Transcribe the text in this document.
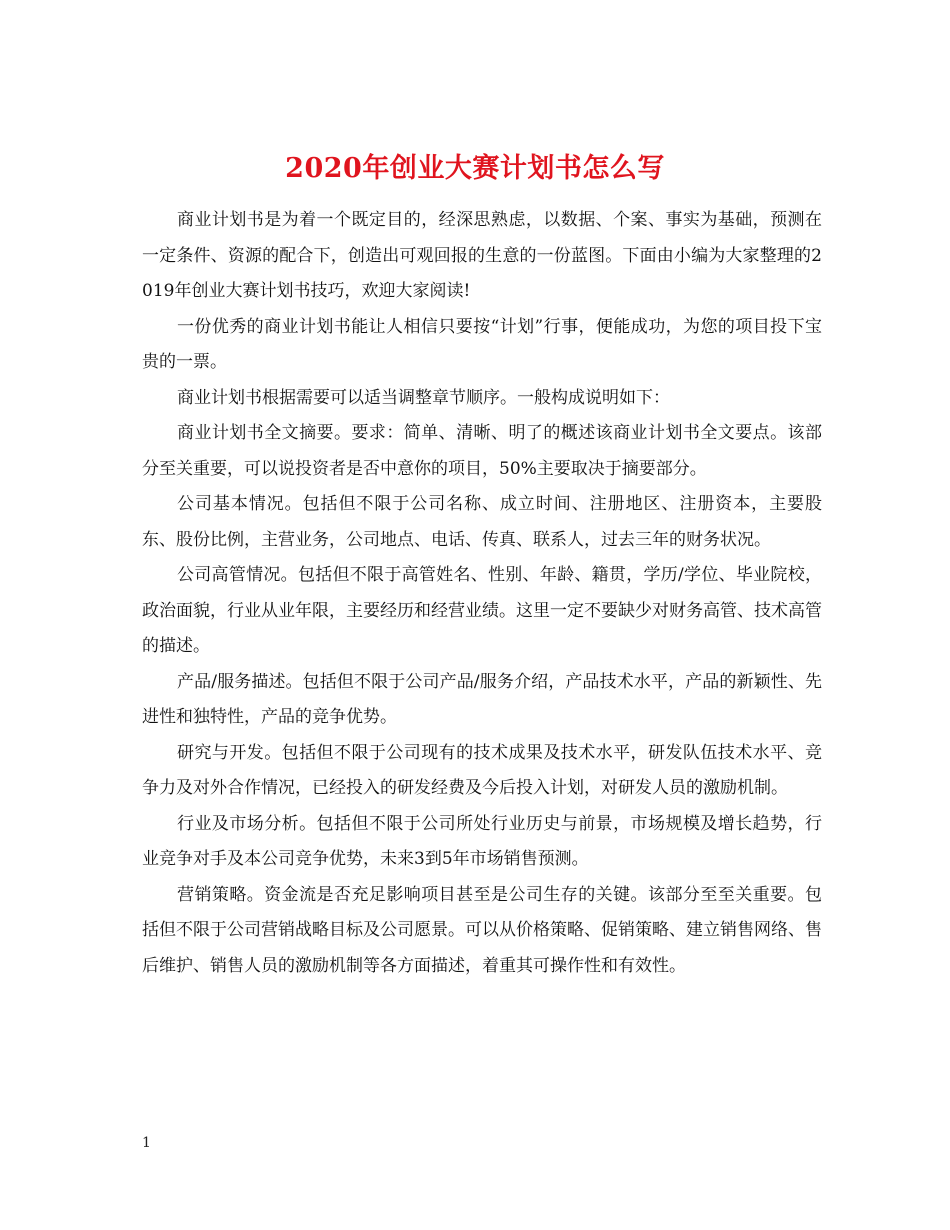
2020年创业大赛计划书怎么写

商业计划书是为着一个既定目的，经深思熟虑，以数据、个案、事实为基础，预测在一定条件、资源的配合下，创造出可观回报的生意的一份蓝图。下面由小编为大家整理的2019年创业大赛计划书技巧，欢迎大家阅读!

一份优秀的商业计划书能让人相信只要按“计划”行事，便能成功，为您的项目投下宝贵的一票。

商业计划书根据需要可以适当调整章节顺序。一般构成说明如下：

商业计划书全文摘要。要求：简单、清晰、明了的概述该商业计划书全文要点。该部分至关重要，可以说投资者是否中意你的项目，50%主要取决于摘要部分。

公司基本情况。包括但不限于公司名称、成立时间、注册地区、注册资本，主要股东、股份比例，主营业务，公司地点、电话、传真、联系人，过去三年的财务状况。

公司高管情况。包括但不限于高管姓名、性别、年龄、籍贯，学历/学位、毕业院校，政治面貌，行业从业年限，主要经历和经营业绩。这里一定不要缺少对财务高管、技术高管的描述。

产品/服务描述。包括但不限于公司产品/服务介绍，产品技术水平，产品的新颖性、先进性和独特性，产品的竞争优势。

研究与开发。包括但不限于公司现有的技术成果及技术水平，研发队伍技术水平、竞争力及对外合作情况，已经投入的研发经费及今后投入计划，对研发人员的激励机制。

行业及市场分析。包括但不限于公司所处行业历史与前景，市场规模及增长趋势，行业竞争对手及本公司竞争优势，未来3到5年市场销售预测。

营销策略。资金流是否充足影响项目甚至是公司生存的关键。该部分至至关重要。包括但不限于公司营销战略目标及公司愿景。可以从价格策略、促销策略、建立销售网络、售后维护、销售人员的激励机制等各方面描述，着重其可操作性和有效性。

1
